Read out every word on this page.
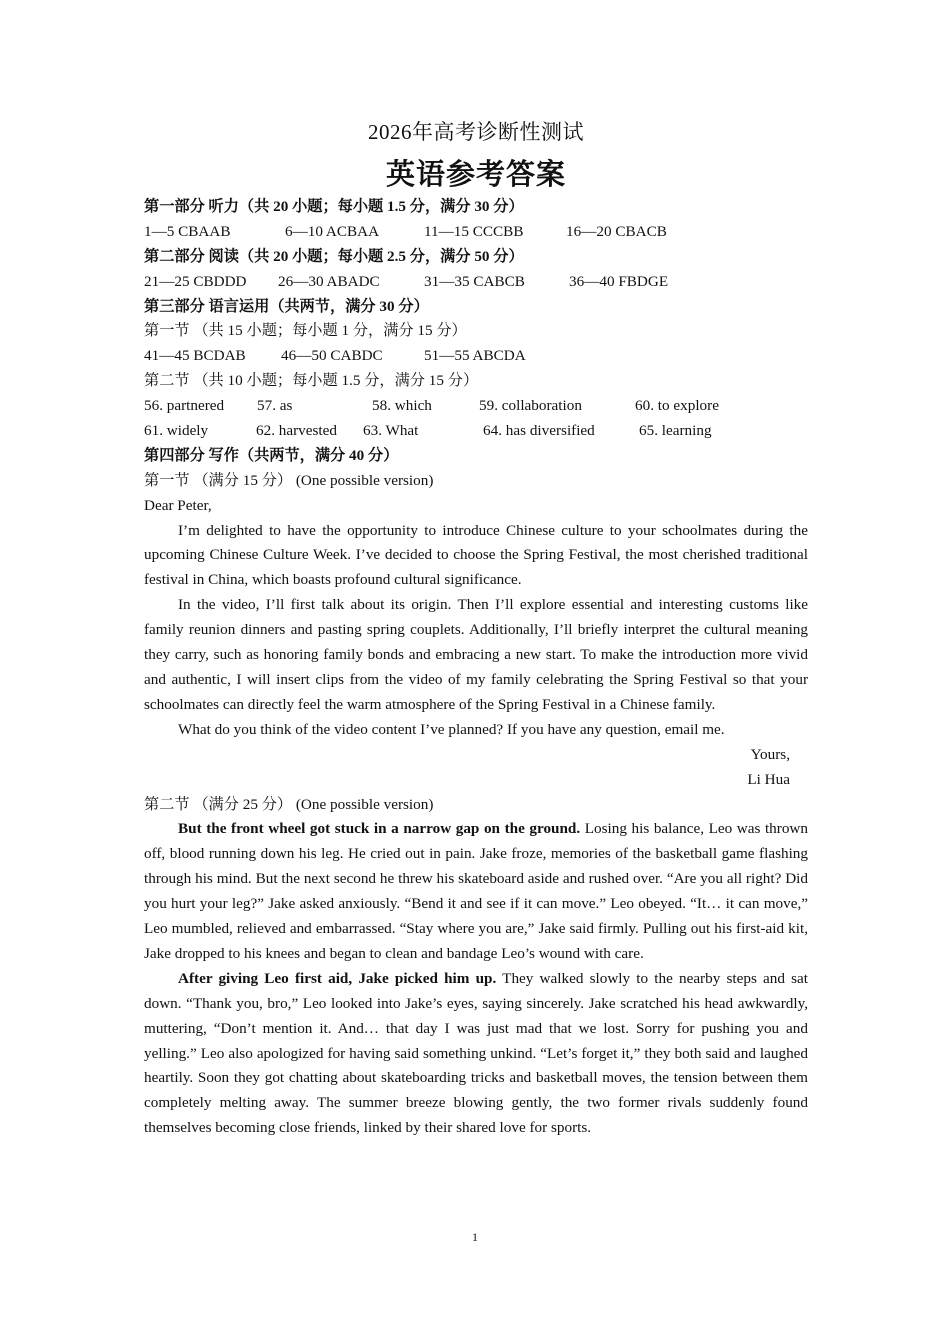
2026年高考诊断性测试
英语参考答案
第一部分 听力（共 20 小题；每小题 1.5 分，满分 30 分）
1—5 CBAAB	6—10 ACBAA	11—15 CCCBB	16—20 CBACB
第二部分 阅读（共 20 小题；每小题 2.5 分，满分 50 分）
21—25 CBDDD	26—30 ABADC	31—35 CABCB	36—40 FBDGE
第三部分 语言运用（共两节，满分 30 分）
第一节 （共 15 小题；每小题 1 分，满分 15 分）
41—45 BCDAB	46—50 CABDC	51—55 ABCDA
第二节 （共 10 小题；每小题 1.5 分，满分 15 分）
56. partnered	57. as	58. which	59. collaboration	60. to explore
61. widely	62. harvested	63. What	64. has diversified	65. learning
第四部分 写作（共两节，满分 40 分）
第一节 （满分 15 分） (One possible version)
Dear Peter,

I’m delighted to have the opportunity to introduce Chinese culture to your schoolmates during the upcoming Chinese Culture Week. I’ve decided to choose the Spring Festival, the most cherished traditional festival in China, which boasts profound cultural significance.

In the video, I’ll first talk about its origin. Then I’ll explore essential and interesting customs like family reunion dinners and pasting spring couplets. Additionally, I’ll briefly interpret the cultural meaning they carry, such as honoring family bonds and embracing a new start. To make the introduction more vivid and authentic, I will insert clips from the video of my family celebrating the Spring Festival so that your schoolmates can directly feel the warm atmosphere of the Spring Festival in a Chinese family.

What do you think of the video content I’ve planned? If you have any question, email me.

Yours,
Li Hua
第二节 （满分 25 分） (One possible version)

But the front wheel got stuck in a narrow gap on the ground. Losing his balance, Leo was thrown off, blood running down his leg. He cried out in pain. Jake froze, memories of the basketball game flashing through his mind. But the next second he threw his skateboard aside and rushed over. “Are you all right? Did you hurt your leg?” Jake asked anxiously. “Bend it and see if it can move.” Leo obeyed. “It… it can move,” Leo mumbled, relieved and embarrassed. “Stay where you are,” Jake said firmly. Pulling out his first-aid kit, Jake dropped to his knees and began to clean and bandage Leo’s wound with care.

After giving Leo first aid, Jake picked him up. They walked slowly to the nearby steps and sat down. “Thank you, bro,” Leo looked into Jake’s eyes, saying sincerely. Jake scratched his head awkwardly, muttering, “Don’t mention it. And… that day I was just mad that we lost. Sorry for pushing you and yelling.” Leo also apologized for having said something unkind. “Let’s forget it,” they both said and laughed heartily. Soon they got chatting about skateboarding tricks and basketball moves, the tension between them completely melting away. The summer breeze blowing gently, the two former rivals suddenly found themselves becoming close friends, linked by their shared love for sports.

1
